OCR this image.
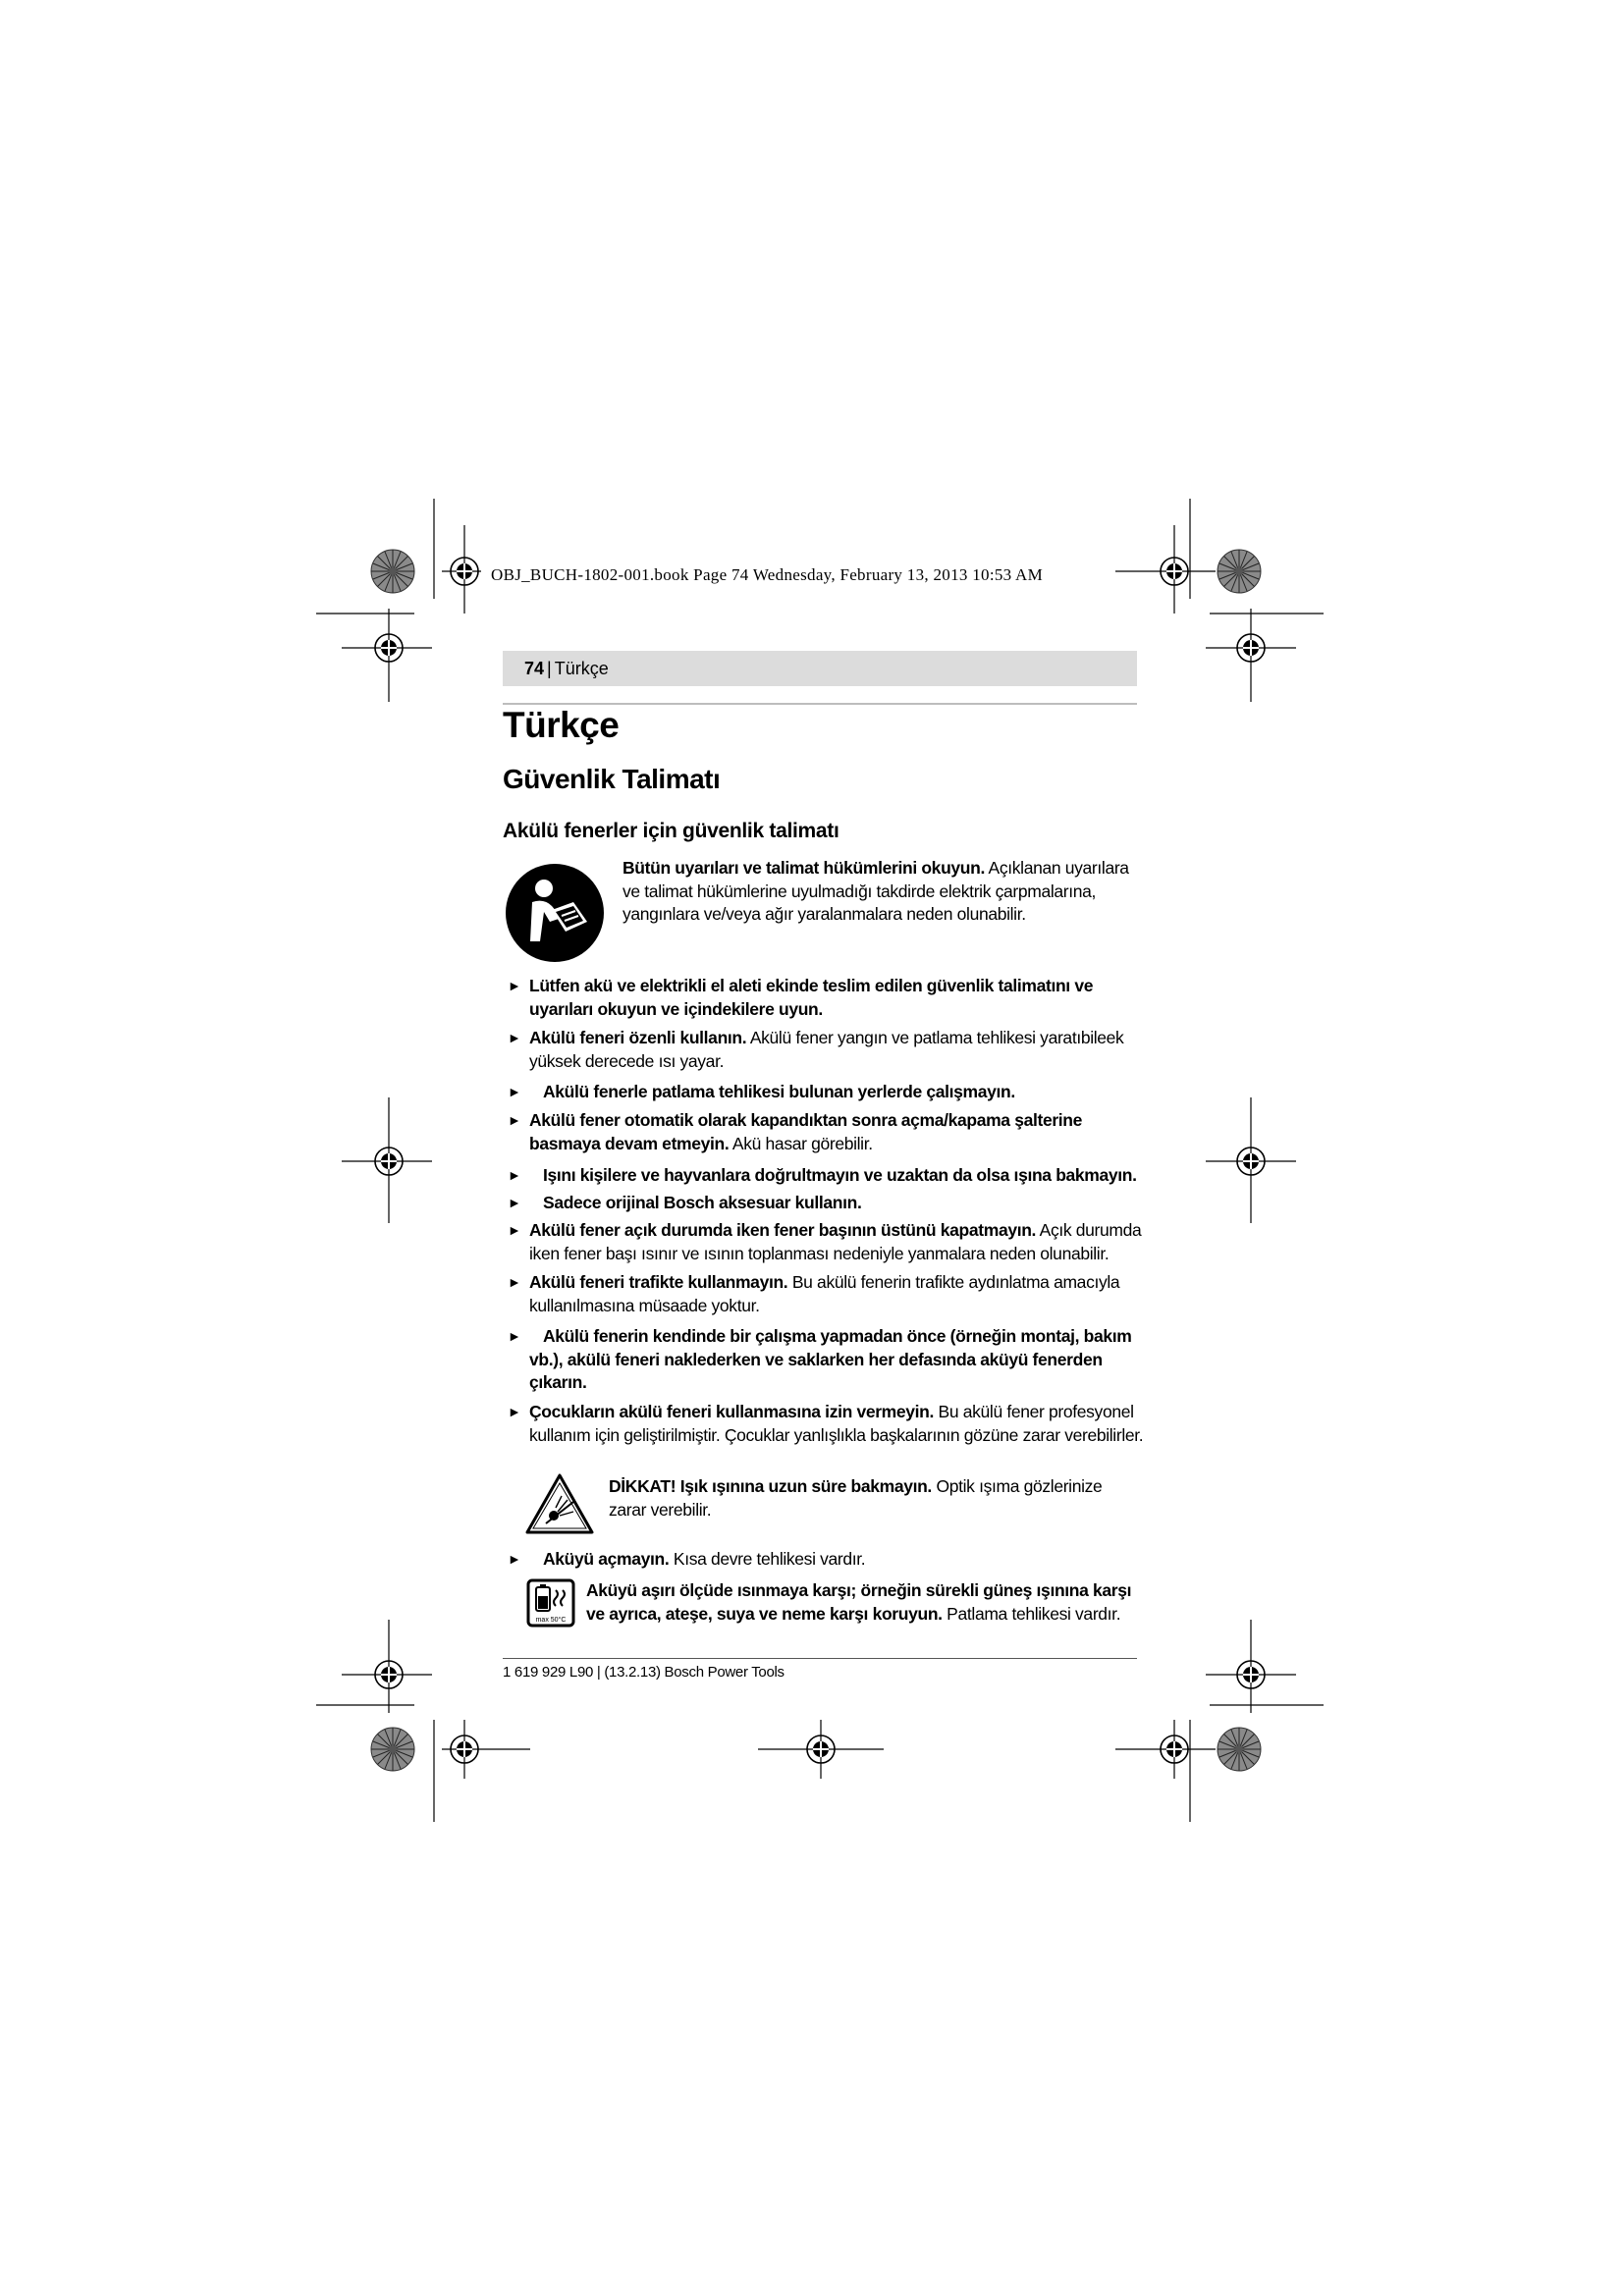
OBJ_BUCH-1802-001.book Page 74 Wednesday, February 13, 2013 10:53 AM
74 | Türkçe
Türkçe
Güvenlik Talimatı
Akülü fenerler için güvenlik talimatı
Bütün uyarıları ve talimat hükümlerini okuyun. Açıklanan uyarılara ve talimat hükümlerine uyulmadığı takdirde elektrik çarpmalarına, yangınlara ve/veya ağır yaralanmalara neden olunabilir.
► Lütfen akü ve elektrikli el aleti ekinde teslim edilen güvenlik talimatını ve uyarıları okuyun ve içindekilere uyun.
► Akülü feneri özenli kullanın. Akülü fener yangın ve patlama tehlikesi yaratıbileek yüksek derecede ısı yayar.
► Akülü fenerle patlama tehlikesi bulunan yerlerde çalışmayın.
► Akülü fener otomatik olarak kapandıktan sonra açma/kapama şalterine basmaya devam etmeyin. Akü hasar görebilir.
► Işını kişilere ve hayvanlara doğrultmayın ve uzaktan da olsa ışına bakmayın.
► Sadece orijinal Bosch aksesuar kullanın.
► Akülü fener açık durumda iken fener başının üstünü kapatmayın. Açık durumda iken fener başı ısınır ve ısının toplanması nedeniyle yanmalara neden olunabilir.
► Akülü feneri trafikte kullanmayın. Bu akülü fenerin trafikte aydınlatma amacıyla kullanılmasına müsaade yoktur.
►	Akülü fenerin kendinde bir çalışma yapmadan önce (örneğin montaj, bakım vb.), akülü feneri naklederken ve saklarken her defasında aküyü fenerden çıkarın.
► Çocukların akülü feneri kullanmasına izin vermeyin. Bu akülü fener profesyonel kullanım için geliştirilmiştir. Çocuklar yanlışlıkla başkalarının gözüne zarar verebilirler.
DİKKAT! Işık ışınına uzun süre bakmayın. Optik ışıma gözlerinize zarar verebilir.
► Aküyü açmayın. Kısa devre tehlikesi vardır.
max 50°C
Aküyü aşırı ölçüde ısınmaya karşı; örneğin sürekli güneş ışınına karşı ve ayrıca, ateşe, suya ve neme karşı koruyun. Patlama tehlikesi vardır.
1 619 929 L90 | (13.2.13) Bosch Power Tools
